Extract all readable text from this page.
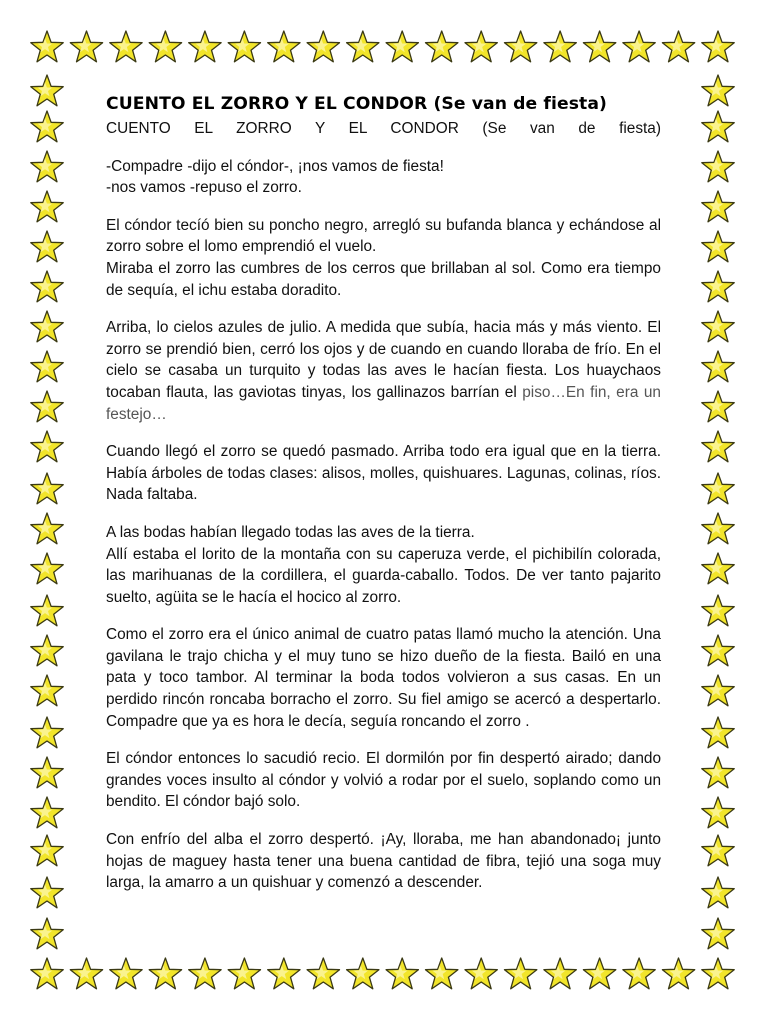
CUENTO EL ZORRO Y EL CONDOR (Se van de fiesta)
CUENTO EL ZORRO Y EL CONDOR (Se van de fiesta)

-Compadre -dijo el cóndor-, ¡nos vamos de fiesta!
-nos vamos -repuso el zorro.

El cóndor tecíó bien su poncho negro, arregló su bufanda blanca y echándose al zorro sobre el lomo emprendió el vuelo.
Miraba el zorro las cumbres de los cerros que brillaban al sol. Como era tiempo de sequía, el ichu estaba doradito.

Arriba, lo cielos azules de julio. A medida que subía, hacia más y más viento. El zorro se prendió bien, cerró los ojos y de cuando en cuando lloraba de frío. En el cielo se casaba un turquito y todas las aves le hacían fiesta. Los huaychaos tocaban flauta, las gaviotas tinyas, los gallinazos barrían el piso…En fin, era un festejo…

Cuando llegó el zorro se quedó pasmado. Arriba todo era igual que en la tierra. Había árboles de todas clases: alisos, molles, quishuares. Lagunas, colinas, ríos. Nada faltaba.

A las bodas habían llegado todas las aves de la tierra.
Allí estaba el lorito de la montaña con su caperuza verde, el pichibilín colorada, las marihuanas de la cordillera, el guarda-caballo. Todos. De ver tanto pajarito suelto, agüita se le hacía el hocico al zorro.

Como el zorro era el único animal de cuatro patas llamó mucho la atención. Una gavilana le trajo chicha y el muy tuno se hizo dueño de la fiesta. Bailó en una pata y toco tambor. Al terminar la boda todos volvieron a sus casas. En un perdido rincón roncaba borracho el zorro. Su fiel amigo se acercó a despertarlo. Compadre que ya es hora le decía, seguía roncando el zorro .

El cóndor entonces lo sacudió recio. El dormilón por fin despertó airado; dando grandes voces insulto al cóndor y volvió a rodar por el suelo, soplando como un bendito. El cóndor bajó solo.

Con enfrío del alba el zorro despertó. ¡Ay, lloraba, me han abandonado¡ junto hojas de maguey hasta tener una buena cantidad de fibra, tejió una soga muy larga, la amarro a un quishuar y comenzó a descender.
